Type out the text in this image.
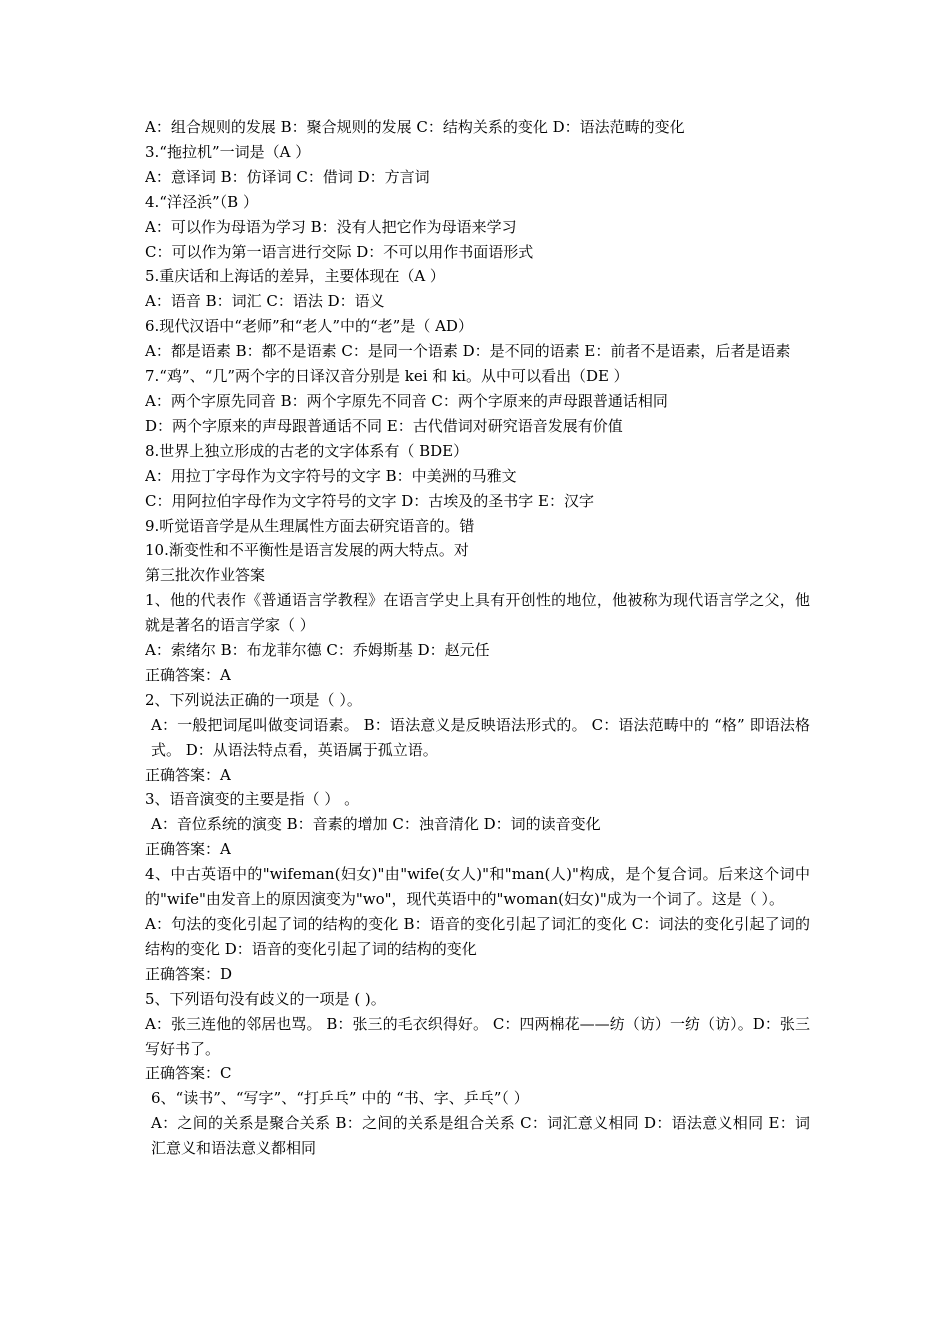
A：组合规则的发展 B：聚合规则的发展 C：结构关系的变化 D：语法范畴的变化
3.“拖拉机”一词是（A ）
A：意译词 B：仿译词 C：借词 D：方言词
4.“洋泾浜”（B ）
A：可以作为母语为学习 B：没有人把它作为母语来学习
C：可以作为第一语言进行交际 D：不可以用作书面语形式
5.重庆话和上海话的差异，主要体现在（A ）
A：语音 B：词汇 C：语法 D：语义
6.现代汉语中“老师”和“老人”中的“老”是（ AD）
A：都是语素 B：都不是语素 C：是同一个语素 D：是不同的语素 E：前者不是语素，后者是语素
7.“鸡”、“几”两个字的日译汉音分别是 kei 和 ki。从中可以看出（DE ）
A：两个字原先同音 B：两个字原先不同音 C：两个字原来的声母跟普通话相同
D：两个字原来的声母跟普通话不同 E：古代借词对研究语音发展有价值
8.世界上独立形成的古老的文字体系有（ BDE）
A：用拉丁字母作为文字符号的文字 B：中美洲的马雅文
C：用阿拉伯字母作为文字符号的文字 D：古埃及的圣书字 E：汉字
9.听觉语音学是从生理属性方面去研究语音的。错
10.渐变性和不平衡性是语言发展的两大特点。对
第三批次作业答案
1、他的代表作《普通语言学教程》在语言学史上具有开创性的地位，他被称为现代语言学之父，他就是著名的语言学家（ ）
A：索绪尔 B：布龙菲尔德 C：乔姆斯基 D：赵元任
正确答案：A
2、下列说法正确的一项是（ ）。
A：一般把词尾叫做变词语素。 B：语法意义是反映语法形式的。 C：语法范畴中的 “格” 即语法格式。 D：从语法特点看，英语属于孤立语。
正确答案：A
3、语音演变的主要是指（ ） 。
A：音位系统的演变 B：音素的增加 C：浊音清化 D：词的读音变化
正确答案：A
4、中古英语中的"wifeman(妇女)"由"wife(女人)"和"man(人)"构成，是个复合词。后来这个词中的"wife"由发音上的原因演变为"wo"，现代英语中的"woman(妇女)"成为一个词了。这是（ ）。
A：句法的变化引起了词的结构的变化 B：语音的变化引起了词汇的变化 C：词法的变化引起了词的结构的变化 D：语音的变化引起了词的结构的变化
正确答案：D
5、下列语句没有歧义的一项是 ( )。
A：张三连他的邻居也骂。 B：张三的毛衣织得好。 C：四两棉花——纺（访）一纺（访）。D：张三写好书了。
正确答案：C
6、“读书”、“写字”、“打乒乓” 中的 “书、字、乒乓”（ ）
A：之间的关系是聚合关系 B：之间的关系是组合关系 C：词汇意义相同 D：语法意义相同 E：词汇意义和语法意义都相同
